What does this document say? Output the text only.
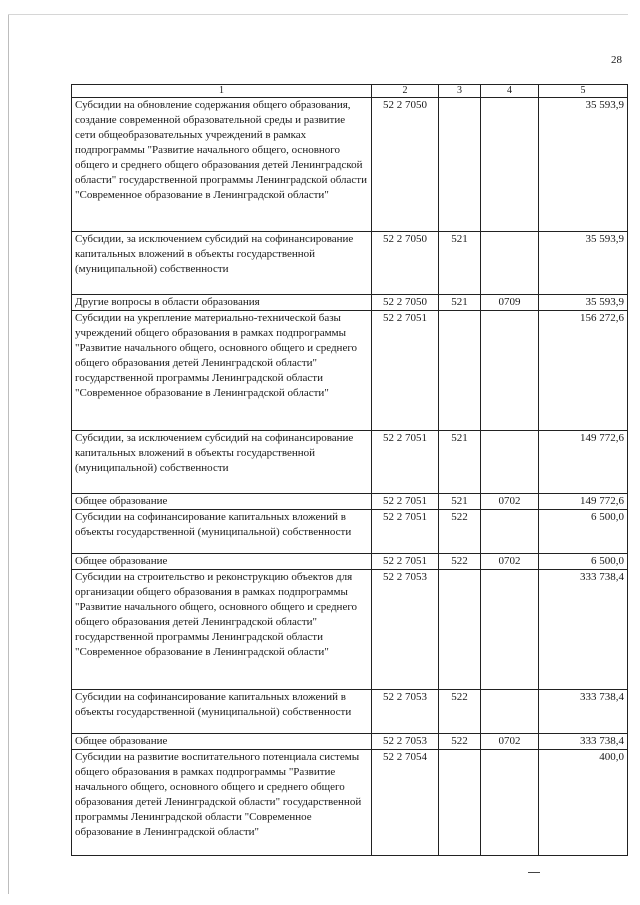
28
1	2	3	4	5
Субсидии на обновление содержания общего образования, создание современной образовательной среды и развитие сети общеобразовательных учреждений в рамках подпрограммы "Развитие начального общего, основного общего и среднего общего образования детей Ленинградской области" государственной программы Ленинградской области "Современное образование в Ленинградской области"	52 2 7050			35 593,9
Субсидии, за исключением субсидий на софинансирование капитальных вложений в объекты государственной (муниципальной) собственности	52 2 7050	521		35 593,9
Другие вопросы в области образования	52 2 7050	521	0709	35 593,9
Субсидии на укрепление материально-технической базы учреждений общего образования в рамках подпрограммы "Развитие начального общего, основного общего и среднего общего образования детей Ленинградской области" государственной программы Ленинградской области "Современное образование в Ленинградской области"	52 2 7051			156 272,6
Субсидии, за исключением субсидий на софинансирование капитальных вложений в объекты государственной (муниципальной) собственности	52 2 7051	521		149 772,6
Общее образование	52 2 7051	521	0702	149 772,6
Субсидии на софинансирование капитальных вложений в объекты государственной (муниципальной) собственности	52 2 7051	522		6 500,0
Общее образование	52 2 7051	522	0702	6 500,0
Субсидии на строительство и реконструкцию объектов для организации общего образования в рамках подпрограммы "Развитие начального общего, основного общего и среднего общего образования детей Ленинградской области" государственной программы Ленинградской области "Современное образование в Ленинградской области"	52 2 7053			333 738,4
Субсидии на софинансирование капитальных вложений в объекты государственной (муниципальной) собственности	52 2 7053	522		333 738,4
Общее образование	52 2 7053	522	0702	333 738,4
Субсидии на развитие воспитательного потенциала системы общего образования в рамках подпрограммы "Развитие начального общего, основного общего и среднего общего образования детей Ленинградской области" государственной программы Ленинградской области "Современное образование в Ленинградской области"	52 2 7054			400,0
